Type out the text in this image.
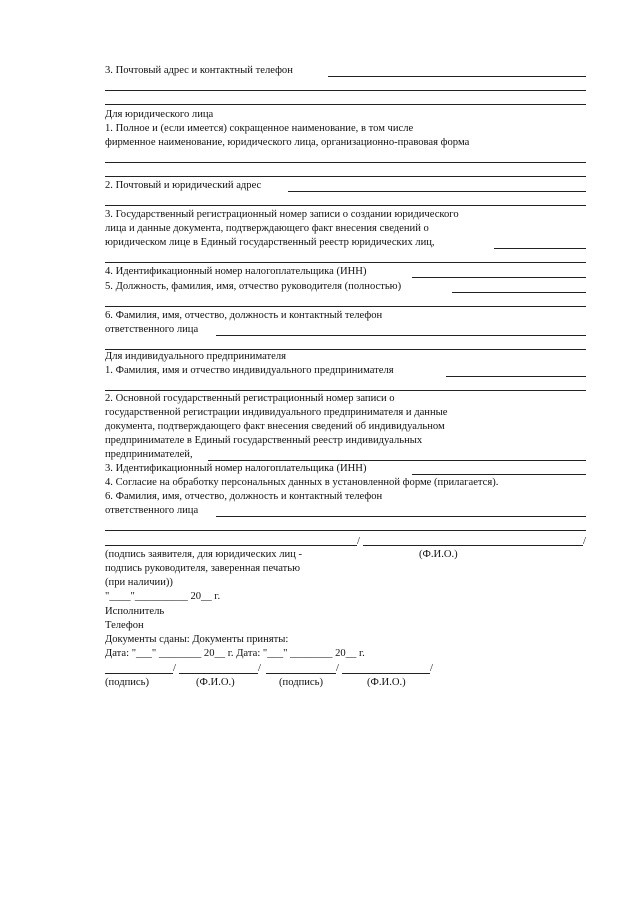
3. Почтовый адрес и контактный телефон
Для юридического лица
1. Полное и (если имеется) сокращенное наименование, в том числе
фирменное наименование, юридического лица, организационно-правовая форма
2. Почтовый и юридический адрес
3. Государственный регистрационный номер записи о создании юридического
лица и данные документа, подтверждающего факт внесения сведений о
юридическом лице в Единый государственный реестр юридических лиц,
4. Идентификационный номер налогоплательщика (ИНН)
5. Должность, фамилия, имя, отчество руководителя (полностью)
6. Фамилия, имя, отчество, должность и контактный телефон
ответственного лица
Для индивидуального предпринимателя
1. Фамилия, имя и отчество индивидуального предпринимателя
2. Основной государственный регистрационный номер записи о
государственной регистрации индивидуального предпринимателя и данные
документа, подтверждающего факт внесения сведений об индивидуальном
предпринимателе в Единый государственный реестр индивидуальных
предпринимателей,
3. Идентификационный номер налогоплательщика (ИНН)
4. Согласие на обработку персональных данных в установленной форме (прилагается).
6. Фамилия, имя, отчество, должность и контактный телефон
ответственного лица
/	/
(подпись заявителя, для юридических лиц -	(Ф.И.О.)
подпись руководителя, заверенная печатью
(при наличии))
"____"__________ 20__ г.
Исполнитель
Телефон
Документы сданы: Документы приняты:
Дата: "___" ________ 20__ г. Дата: "___" ________ 20__ г.
/	/	/	/
(подпись)	(Ф.И.О.)	(подпись)	(Ф.И.О.)
